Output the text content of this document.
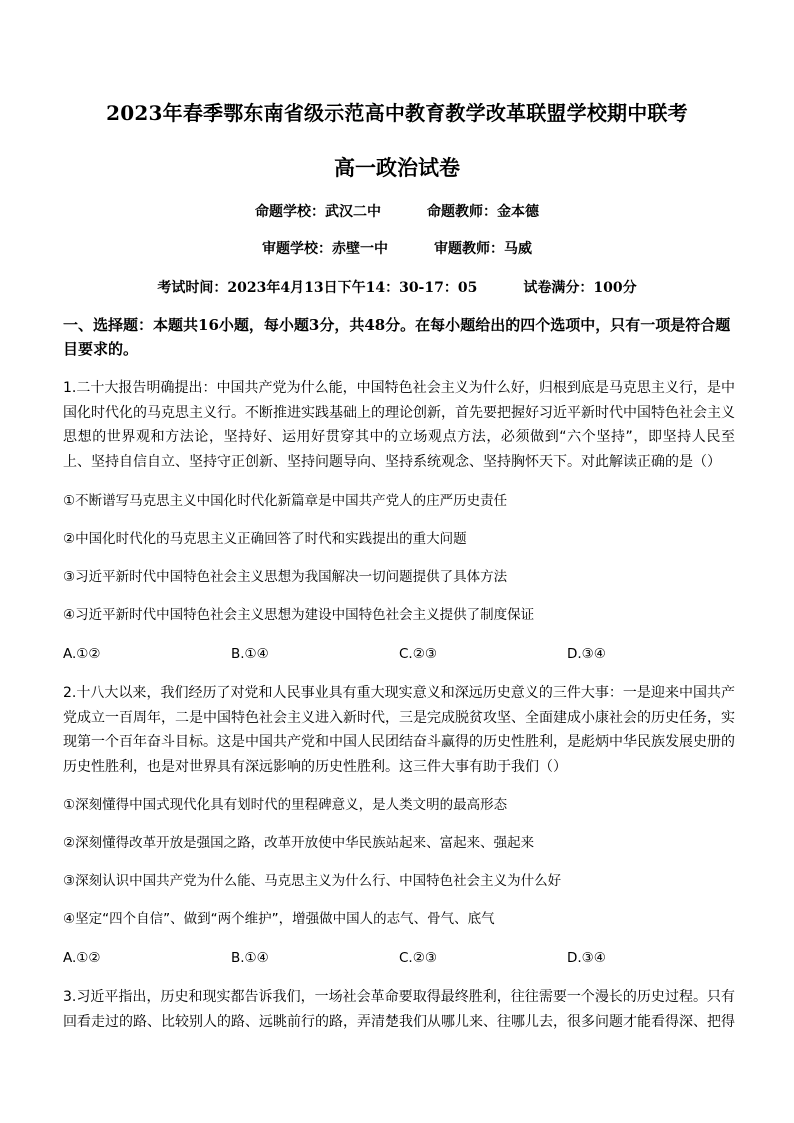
2023年春季鄂东南省级示范高中教育教学改革联盟学校期中联考
高一政治试卷
命题学校：武汉二中	命题教师：金本德
审题学校：赤壁一中	审题教师：马威
考试时间：2023年4月13日下午14：30-17：05	试卷满分：100分
一、选择题：本题共16小题，每小题3分，共48分。在每小题给出的四个选项中，只有一项是符合题目要求的。
1.二十大报告明确提出：中国共产党为什么能，中国特色社会主义为什么好，归根到底是马克思主义行，是中国化时代化的马克思主义行。不断推进实践基础上的理论创新，首先要把握好习近平新时代中国特色社会主义思想的世界观和方法论，坚持好、运用好贯穿其中的立场观点方法，必须做到“六个坚持”，即坚持人民至上、坚持自信自立、坚持守正创新、坚持问题导向、坚持系统观念、坚持胸怀天下。对此解读正确的是（）
①不断谱写马克思主义中国化时代化新篇章是中国共产党人的庄严历史责任
②中国化时代化的马克思主义正确回答了时代和实践提出的重大问题
③习近平新时代中国特色社会主义思想为我国解决一切问题提供了具体方法
④习近平新时代中国特色社会主义思想为建设中国特色社会主义提供了制度保证
A.①②	B.①④	C.②③	D.③④
2.十八大以来，我们经历了对党和人民事业具有重大现实意义和深远历史意义的三件大事：一是迎来中国共产党成立一百周年，二是中国特色社会主义进入新时代，三是完成脱贫攻坚、全面建成小康社会的历史任务，实现第一个百年奋斗目标。这是中国共产党和中国人民团结奋斗赢得的历史性胜利，是彪炳中华民族发展史册的历史性胜利，也是对世界具有深远影响的历史性胜利。这三件大事有助于我们（）
①深刻懂得中国式现代化具有划时代的里程碑意义，是人类文明的最高形态
②深刻懂得改革开放是强国之路，改革开放使中华民族站起来、富起来、强起来
③深刻认识中国共产党为什么能、马克思主义为什么行、中国特色社会主义为什么好
④坚定“四个自信”、做到“两个维护”，增强做中国人的志气、骨气、底气
A.①②	B.①④	C.②③	D.③④
3.习近平指出，历史和现实都告诉我们，一场社会革命要取得最终胜利，往往需要一个漫长的历史过程。只有回看走过的路、比较别人的路、远眺前行的路，弄清楚我们从哪儿来、往哪儿去，很多问题才能看得深、把得
